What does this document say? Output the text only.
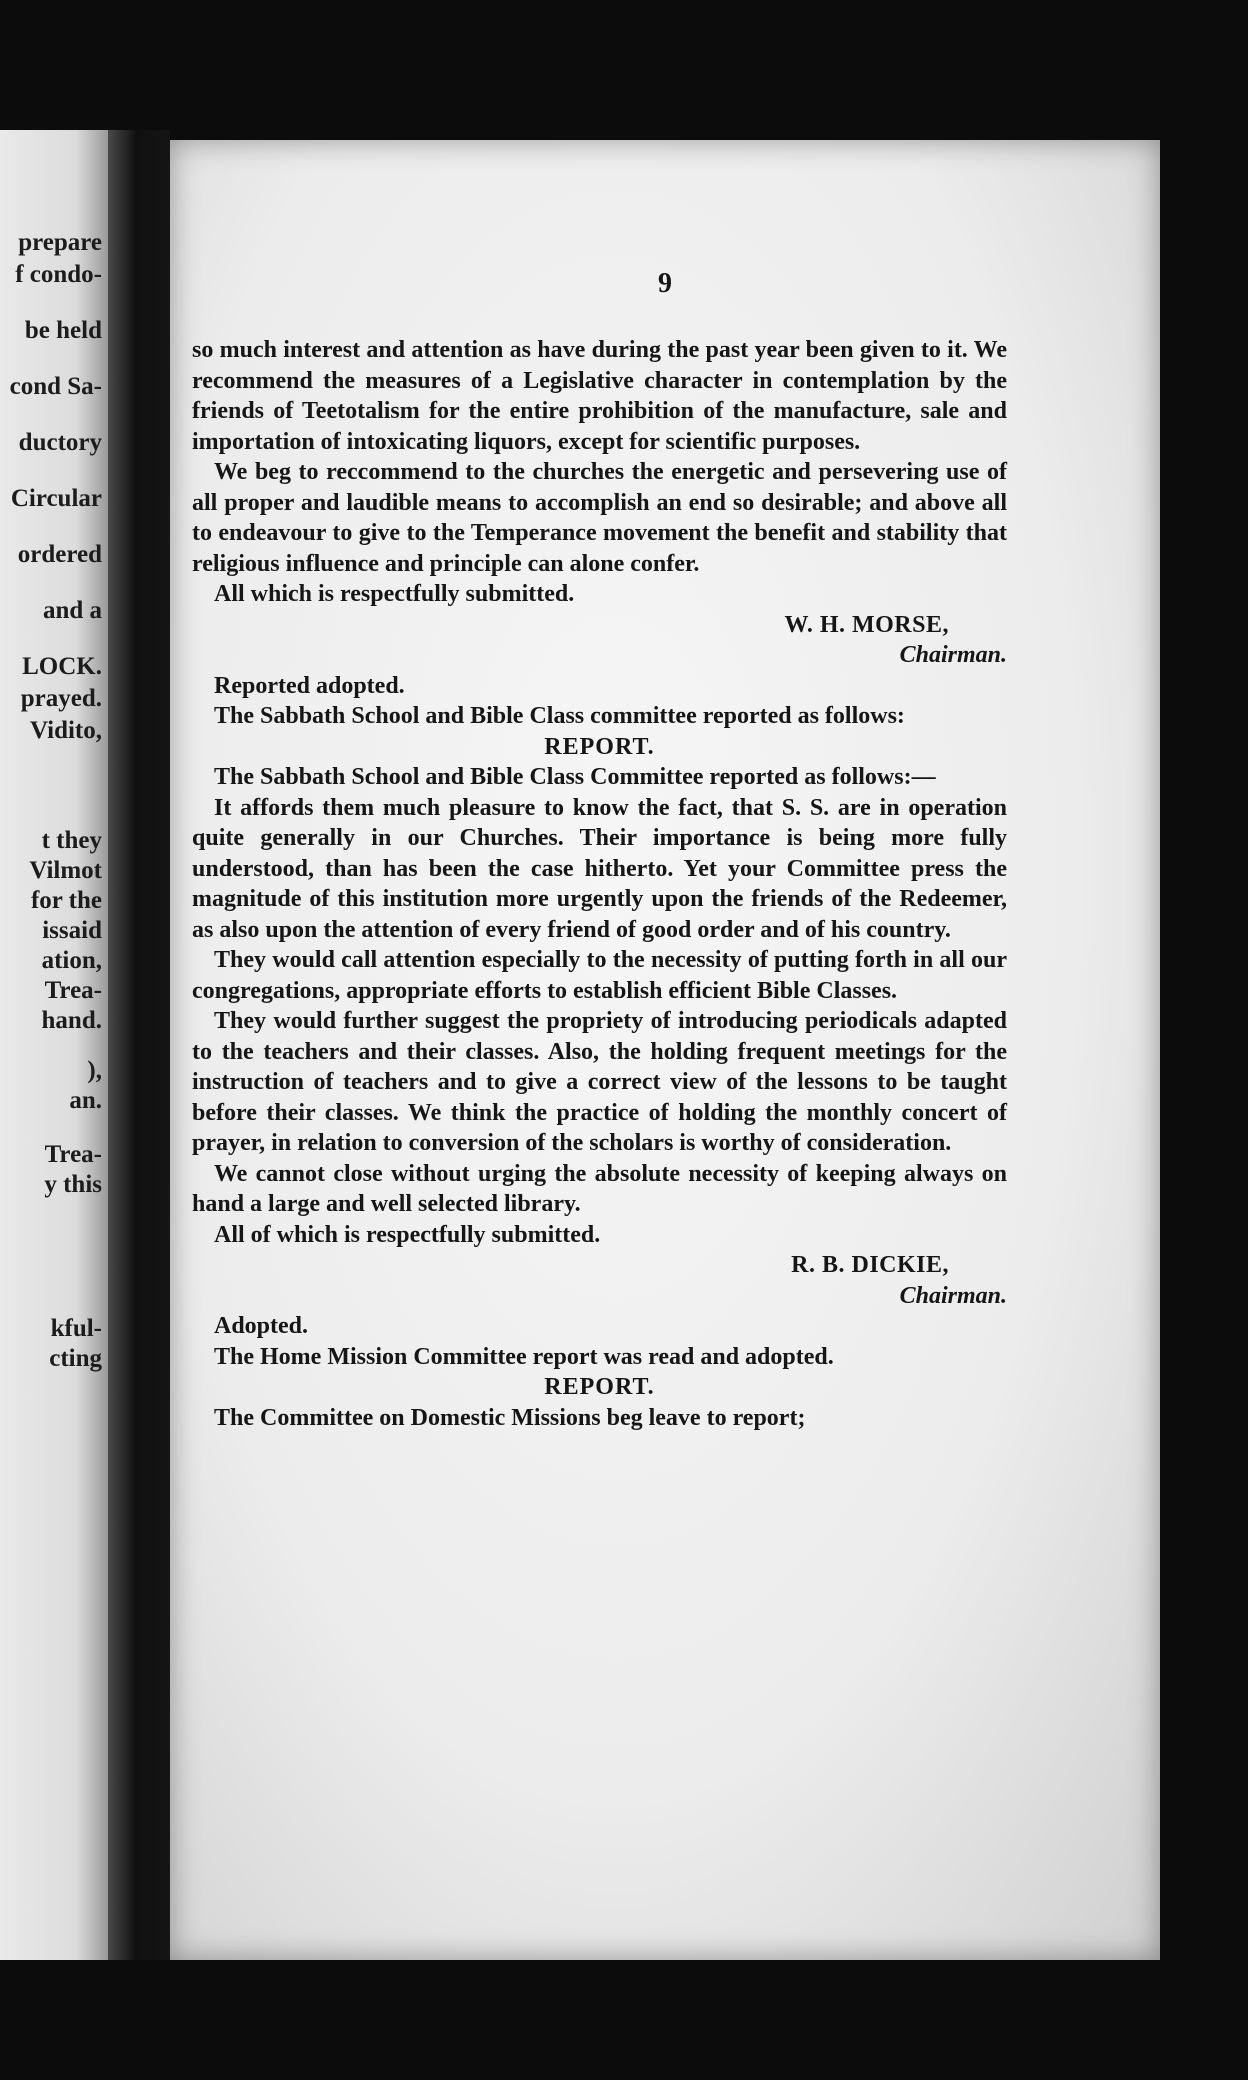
prepare
f condo-
be held
cond Sa-
ductory
Circular
ordered
and a
LOCK.
prayed.
Vidito,
t they
Vilmot
for the
issaid
ation,
Trea-
hand.
),
an.
Trea-
y this
kful-
cting
9

so much interest and attention as have during the past year been given to it. We recommend the measures of a Legislative character in contemplation by the friends of Teetotalism for the entire prohibition of the manufacture, sale and importation of intoxicating liquors, except for scientific purposes.

We beg to reccommend to the churches the energetic and persevering use of all proper and laudible means to accomplish an end so desirable; and above all to endeavour to give to the Temperance movement the benefit and stability that religious influence and principle can alone confer.

All which is respectfully submitted.

W. H. MORSE,

Chairman.

Reported adopted.

The Sabbath School and Bible Class committee reported as follows:

REPORT.

The Sabbath School and Bible Class Committee reported as follows:—

It affords them much pleasure to know the fact, that S. S. are in operation quite generally in our Churches. Their importance is being more fully understood, than has been the case hitherto. Yet your Committee press the magnitude of this institution more urgently upon the friends of the Redeemer, as also upon the attention of every friend of good order and of his country.

They would call attention especially to the necessity of putting forth in all our congregations, appropriate efforts to establish efficient Bible Classes.

They would further suggest the propriety of introducing periodicals adapted to the teachers and their classes. Also, the holding frequent meetings for the instruction of teachers and to give a correct view of the lessons to be taught before their classes. We think the practice of holding the monthly concert of prayer, in relation to conversion of the scholars is worthy of consideration.

We cannot close without urging the absolute necessity of keeping always on hand a large and well selected library.

All of which is respectfully submitted.

R. B. DICKIE,

Chairman.

Adopted.

The Home Mission Committee report was read and adopted.

REPORT.

The Committee on Domestic Missions beg leave to report;
